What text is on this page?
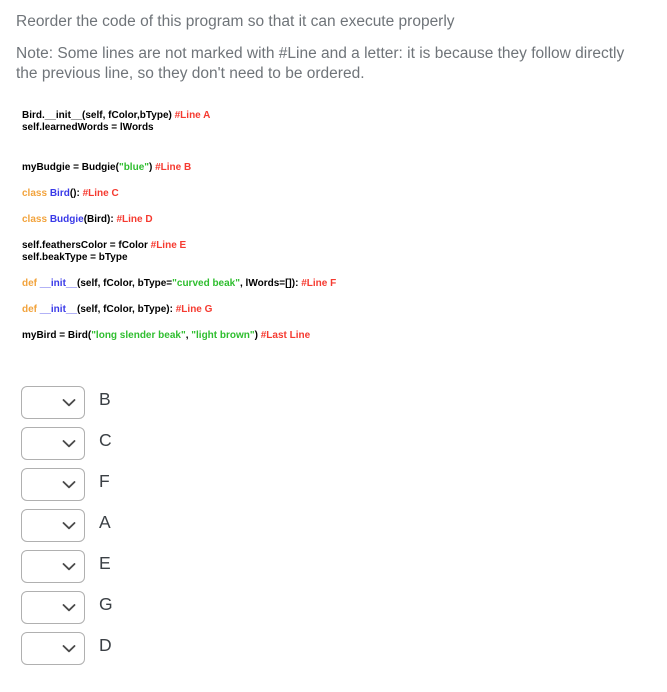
Reorder the code of this program so that it can execute properly

Note: Some lines are not marked with #Line and a letter: it is because they follow directly the previous line, so they don't need to be ordered.

Bird.__init__(self, fColor,bType) #Line A
self.learnedWords = lWords
myBudgie = Budgie("blue") #Line B
class Bird(): #Line C
class Budgie(Bird): #Line D
self.feathersColor = fColor #Line E
self.beakType = bType
def __init__(self, fColor, bType="curved beak", lWords=[]): #Line F
def __init__(self, fColor, bType): #Line G
myBird = Bird("long slender beak", "light brown") #Last Line
B
C
F
A
E
G
D
